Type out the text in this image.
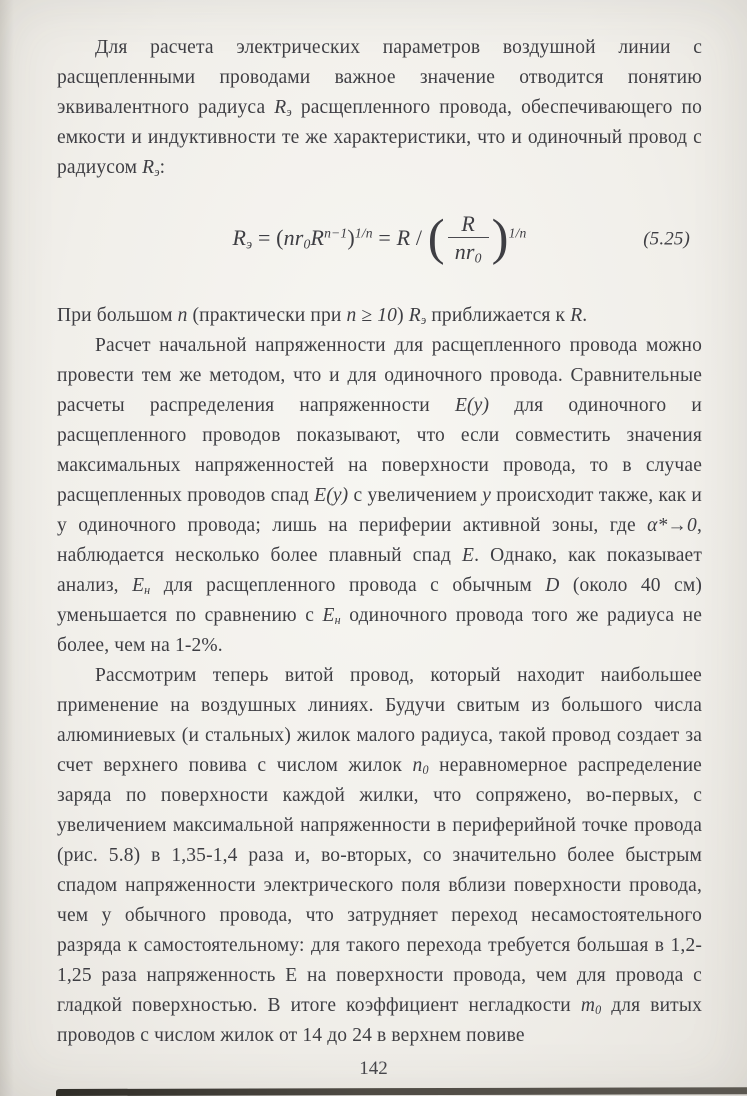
Для расчета электрических параметров воздушной линии с расщепленными проводами важное значение отводится понятию эквивалентного радиуса $R_э$ расщепленного провода, обеспечивающего по емкости и индуктивности те же характеристики, что и одиночный провод с радиусом $R_э$:

$R_э = (nr_0R^{n-1})^{1/n} = R$ / ( $\frac{R}{nr_0} )^{1/n}$	(5.25)

При большом n (практически при n ≥ 10) $R_э$ приближается к R.

Расчет начальной напряженности для расщепленного провода можно провести тем же методом, что и для одиночного провода. Сравнительные расчеты распределения напряженности E(y) для одиночного и расщепленного проводов показывают, что если совместить значения максимальных напряженностей на поверхности провода, то в случае расщепленных проводов спад E(y) с увеличением y происходит также, как и у одиночного провода; лишь на периферии активной зоны, где α*→0, наблюдается несколько более плавный спад E. Однако, как показывает анализ, $E_н$ для расщепленного провода с обычным D (около 40 см) уменьшается по сравнению с $E_н$ одиночного провода того же радиуса не более, чем на 1-2%.

Рассмотрим теперь витой провод, который находит наибольшее применение на воздушных линиях. Будучи свитым из большого числа алюминиевых (и стальных) жилок малого радиуса, такой провод создает за счет верхнего повива с числом жилок $n_0$ неравномерное распределение заряда по поверхности каждой жилки, что сопряжено, во-первых, с увеличением максимальной напряженности в периферийной точке провода (рис. 5.8) в 1,35-1,4 раза и, во-вторых, со значительно более быстрым спадом напряженности электрического поля вблизи поверхности провода, чем у обычного провода, что затрудняет переход несамостоятельного разряда к самостоятельному: для такого перехода требуется большая в 1,2-1,25 раза напряженность Е на поверхности провода, чем для провода с гладкой поверхностью. В итоге коэффициент негладкости $m_0$ для витых проводов с числом жилок от 14 до 24 в верхнем повиве

142
